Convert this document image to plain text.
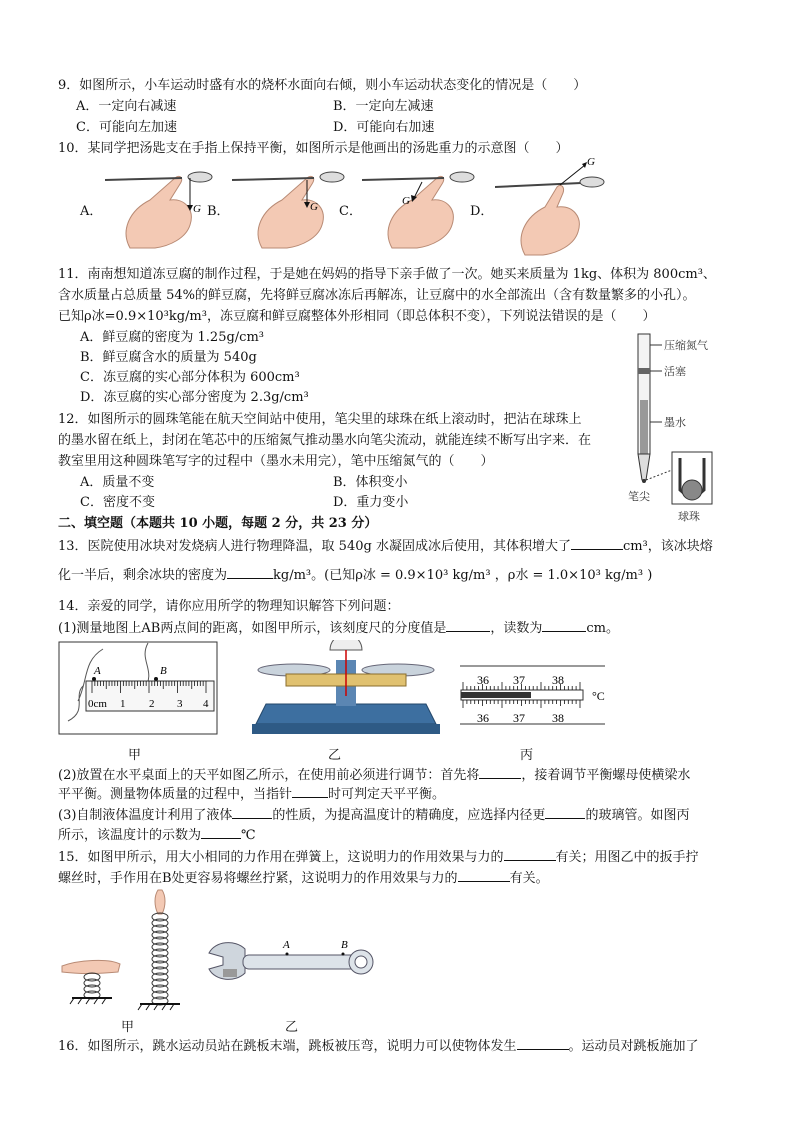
9．如图所示，小车运动时盛有水的烧杯水面向右倾，则小车运动状态变化的情况是（　　）
A．一定向右减速	B．一定向左减速
C．可能向左加速	D．可能向右加速
10．某同学把汤匙支在手指上保持平衡，如图所示是他画出的汤匙重力的示意图（　　）
A．	B．	C．	D．
G	G	G
G
11．南南想知道冻豆腐的制作过程，于是她在妈妈的指导下亲手做了一次。她买来质量为 1kg、体积为 800cm³、
含水质量占总质量 54%的鲜豆腐，先将鲜豆腐冰冻后再解冻，让豆腐中的水全部流出（含有数量繁多的小孔）。
已知ρ冰=0.9×10³kg/m³，冻豆腐和鲜豆腐整体外形相同（即总体积不变），下列说法错误的是（　　）
A．鲜豆腐的密度为 1.25g/cm³
B．鲜豆腐含水的质量为 540g
C．冻豆腐的实心部分体积为 600cm³
D．冻豆腐的实心部分密度为 2.3g/cm³
12．如图所示的圆珠笔能在航天空间站中使用，笔尖里的球珠在纸上滚动时，把沾在球珠上
的墨水留在纸上，封闭在笔芯中的压缩氮气推动墨水向笔尖流动，就能连续不断写出字来．在
教室里用这种圆珠笔写字的过程中（墨水未用完），笔中压缩氮气的（　　）
A．质量不变	B．体积变小
C．密度不变	D．重力变小
压缩氮气
活塞
墨水
笔尖
球珠
二、填空题（本题共 10 小题，每题 2 分，共 23 分）
13．医院使用冰块对发烧病人进行物理降温，取 540g 水凝固成冰后使用，其体积增大了	cm³，该冰块熔
化一半后，剩余冰块的密度为	kg/m³。(已知ρ冰 = 0.9×10³ kg/m³ ，ρ水 = 1.0×10³ kg/m³ )
14．亲爱的同学，请你应用所学的物理知识解答下列问题：
(1)测量地图上AB两点间的距离，如图甲所示，该刻度尺的分度值是	，读数为	cm。
A	B
0cm 1 2 3 4
36 37 38
36 37 38
°C
甲	乙	丙
(2)放置在水平桌面上的天平如图乙所示，在使用前必须进行调节：首先将	，接着调节平衡螺母使横梁水
平平衡。测量物体质量的过程中，当指针	时可判定天平平衡。
(3)自制液体温度计利用了液体	的性质，为提高温度计的精确度，应选择内径更	的玻璃管。如图丙
所示，该温度计的示数为	℃
15．如图甲所示，用大小相同的力作用在弹簧上，这说明力的作用效果与力的	有关；用图乙中的扳手拧
螺丝时，手作用在B处更容易将螺丝拧紧，这说明力的作用效果与力的	有关。
A	B
甲	乙
16．如图所示，跳水运动员站在跳板末端，跳板被压弯，说明力可以使物体发生	。运动员对跳板施加了
